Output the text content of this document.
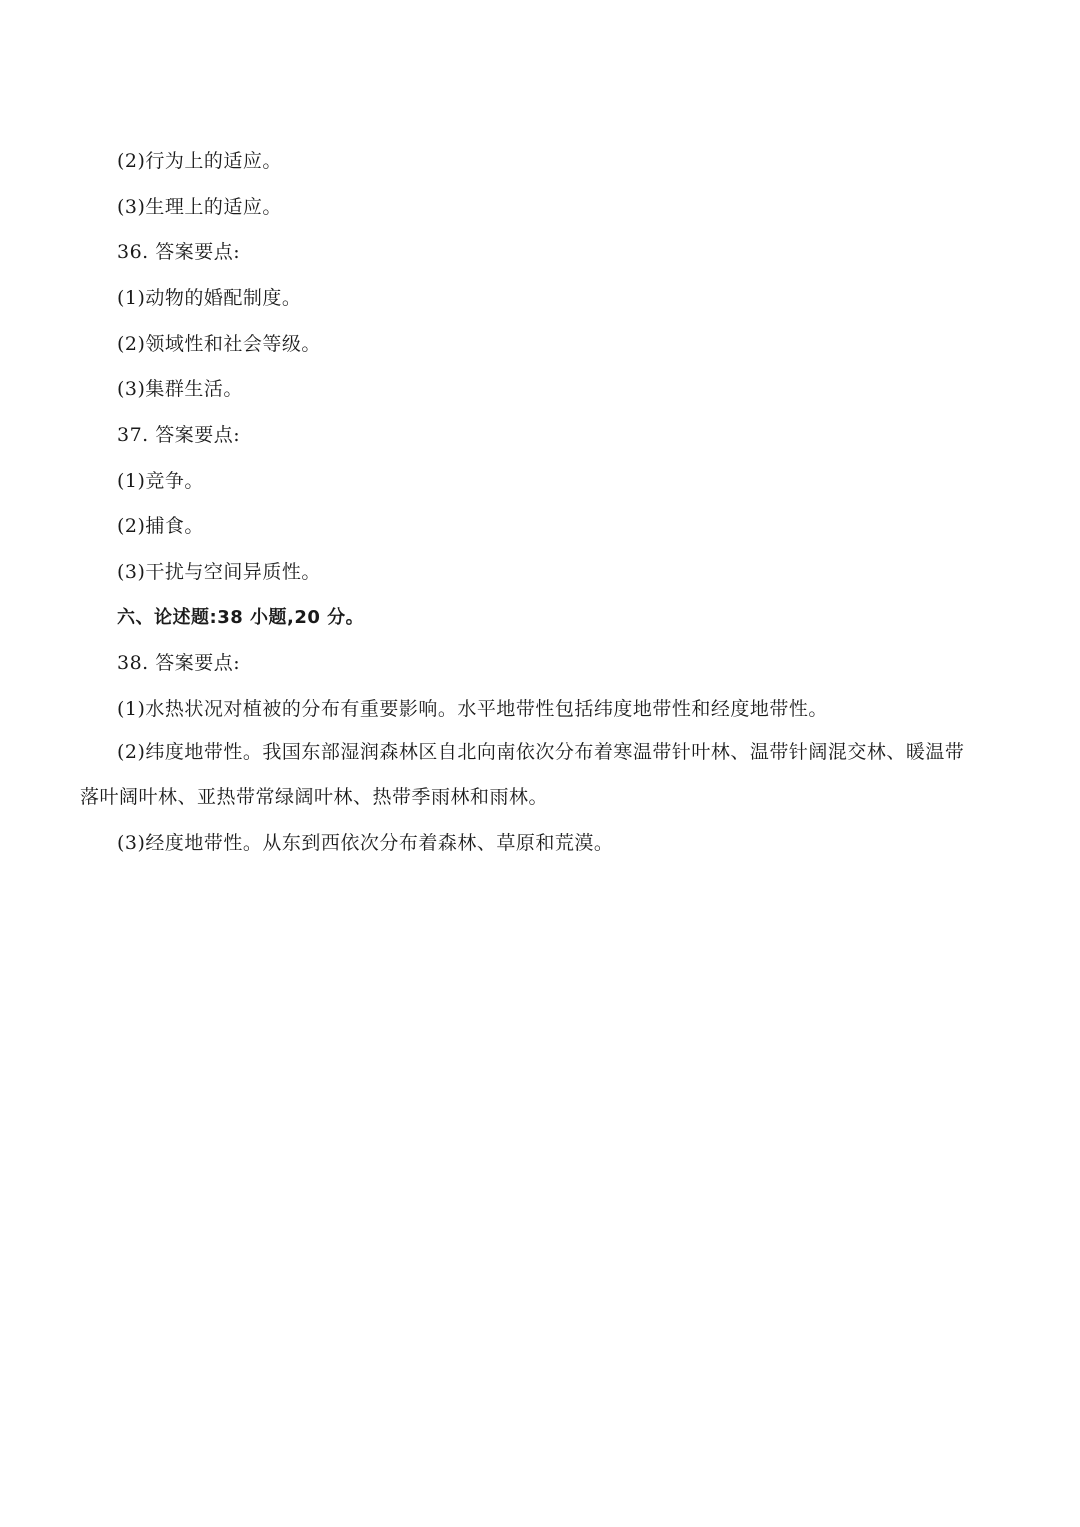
(2)行为上的适应。
(3)生理上的适应。
36. 答案要点:
(1)动物的婚配制度。
(2)领域性和社会等级。
(3)集群生活。
37. 答案要点:
(1)竞争。
(2)捕食。
(3)干扰与空间异质性。
六、论述题:38 小题,20 分。
38. 答案要点:
(1)水热状况对植被的分布有重要影响。水平地带性包括纬度地带性和经度地带性。
(2)纬度地带性。我国东部湿润森林区自北向南依次分布着寒温带针叶林、温带针阔混交林、暖温带落叶阔叶林、亚热带常绿阔叶林、热带季雨林和雨林。
(3)经度地带性。从东到西依次分布着森林、草原和荒漠。
